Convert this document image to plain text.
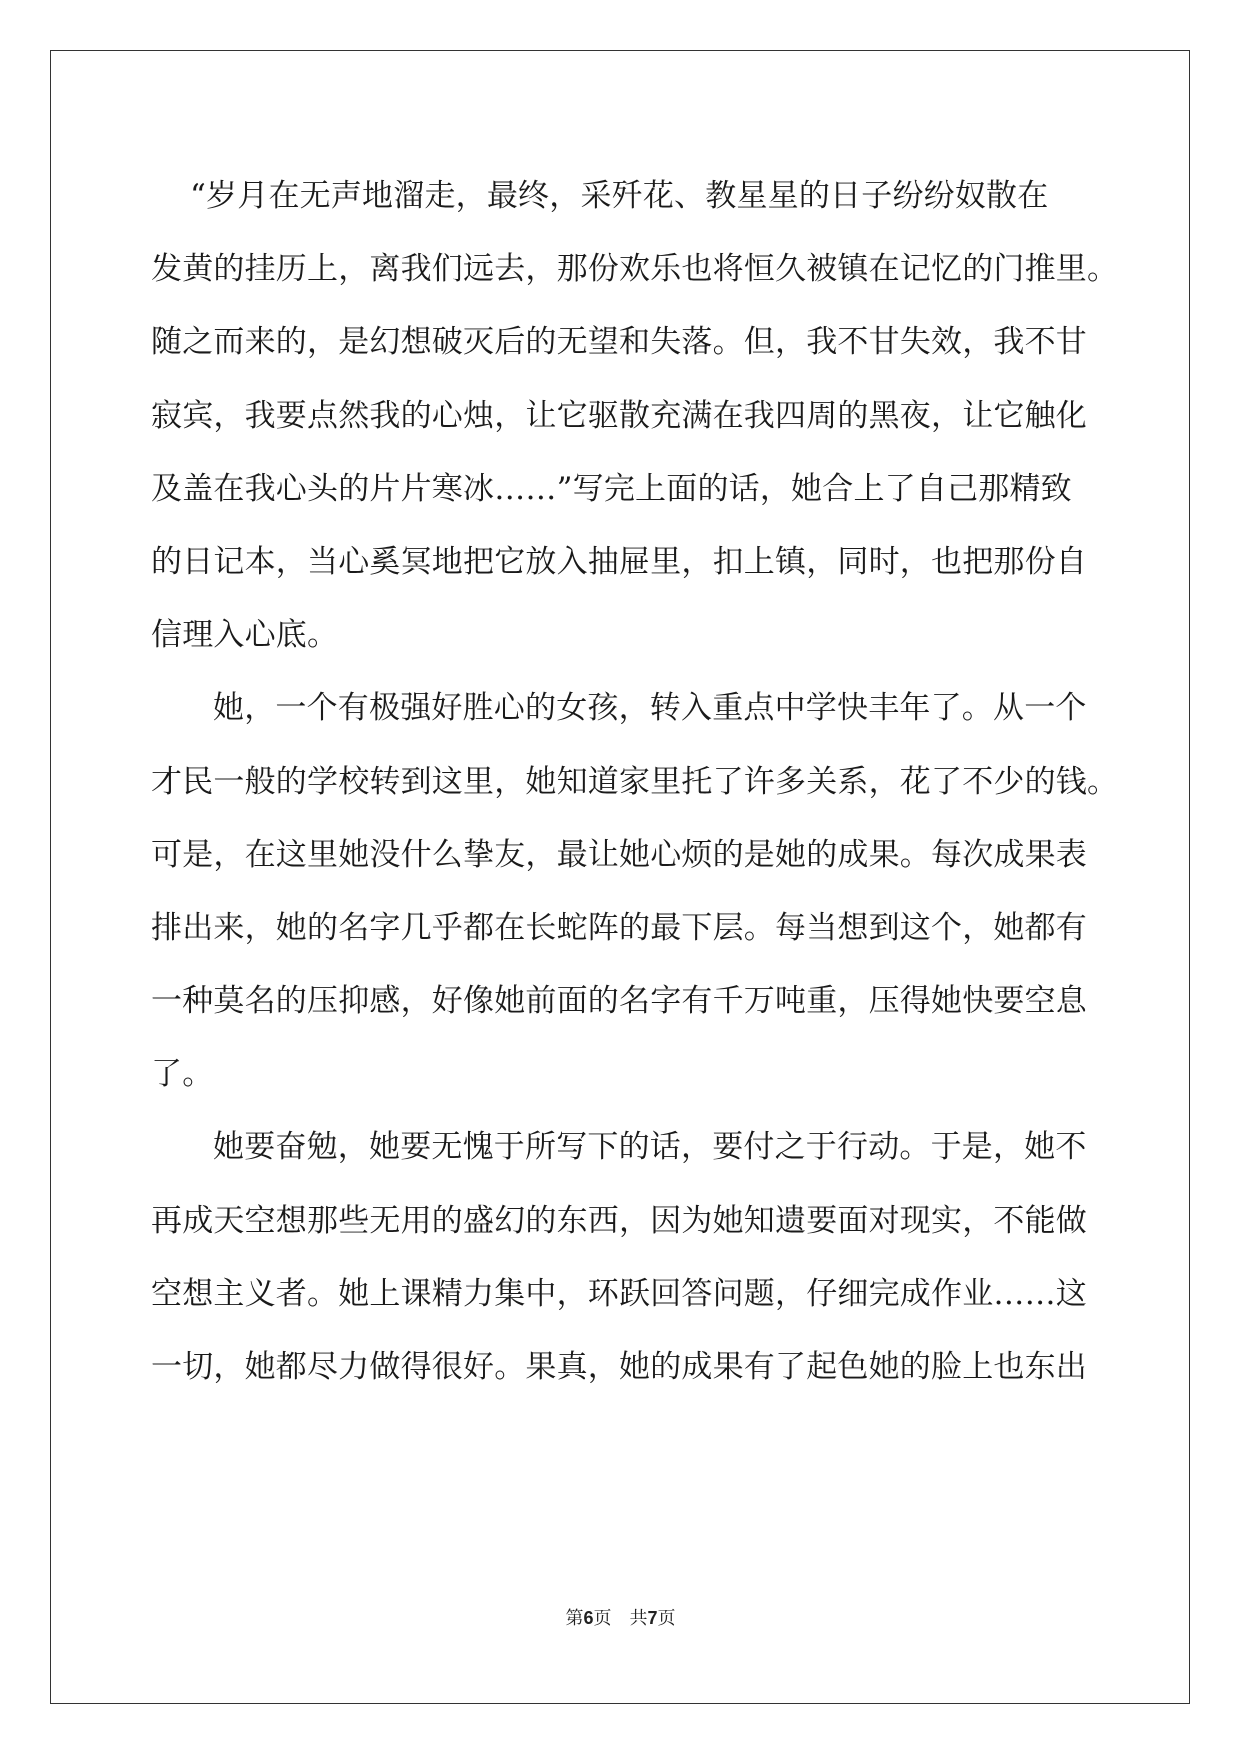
“岁月在无声地溜走，最终，采歼花、教星星的日子纷纷奴散在
发黄的挂历上，离我们远去，那份欢乐也将恒久被镇在记忆的门推里。
随之而来的，是幻想破灭后的无望和失落。但，我不甘失效，我不甘
寂宾，我要点然我的心烛，让它驱散充满在我四周的黑夜，让它触化
及盖在我心头的片片寒冰……”写完上面的话，她合上了自己那精致
的日记本，当心奚冥地把它放入抽屉里，扣上镇，同时，也把那份自
信理入心底。
她，一个有极强好胜心的女孩，转入重点中学快丰年了。从一个
才民一般的学校转到这里，她知道家里托了许多关系，花了不少的钱。
可是，在这里她没什么挚友，最让她心烦的是她的成果。每次成果表
排出来，她的名字几乎都在长蛇阵的最下层。每当想到这个，她都有
一种莫名的压抑感，好像她前面的名字有千万吨重，压得她快要空息
了。
她要奋勉，她要无愧于所写下的话，要付之于行动。于是，她不
再成天空想那些无用的盛幻的东西，因为她知遗要面对现实，不能做
空想主义者。她上课精力集中，环跃回答问题，仔细完成作业……这
一切，她都尽力做得很好。果真，她的成果有了起色她的脸上也东出
第6页 共7页
